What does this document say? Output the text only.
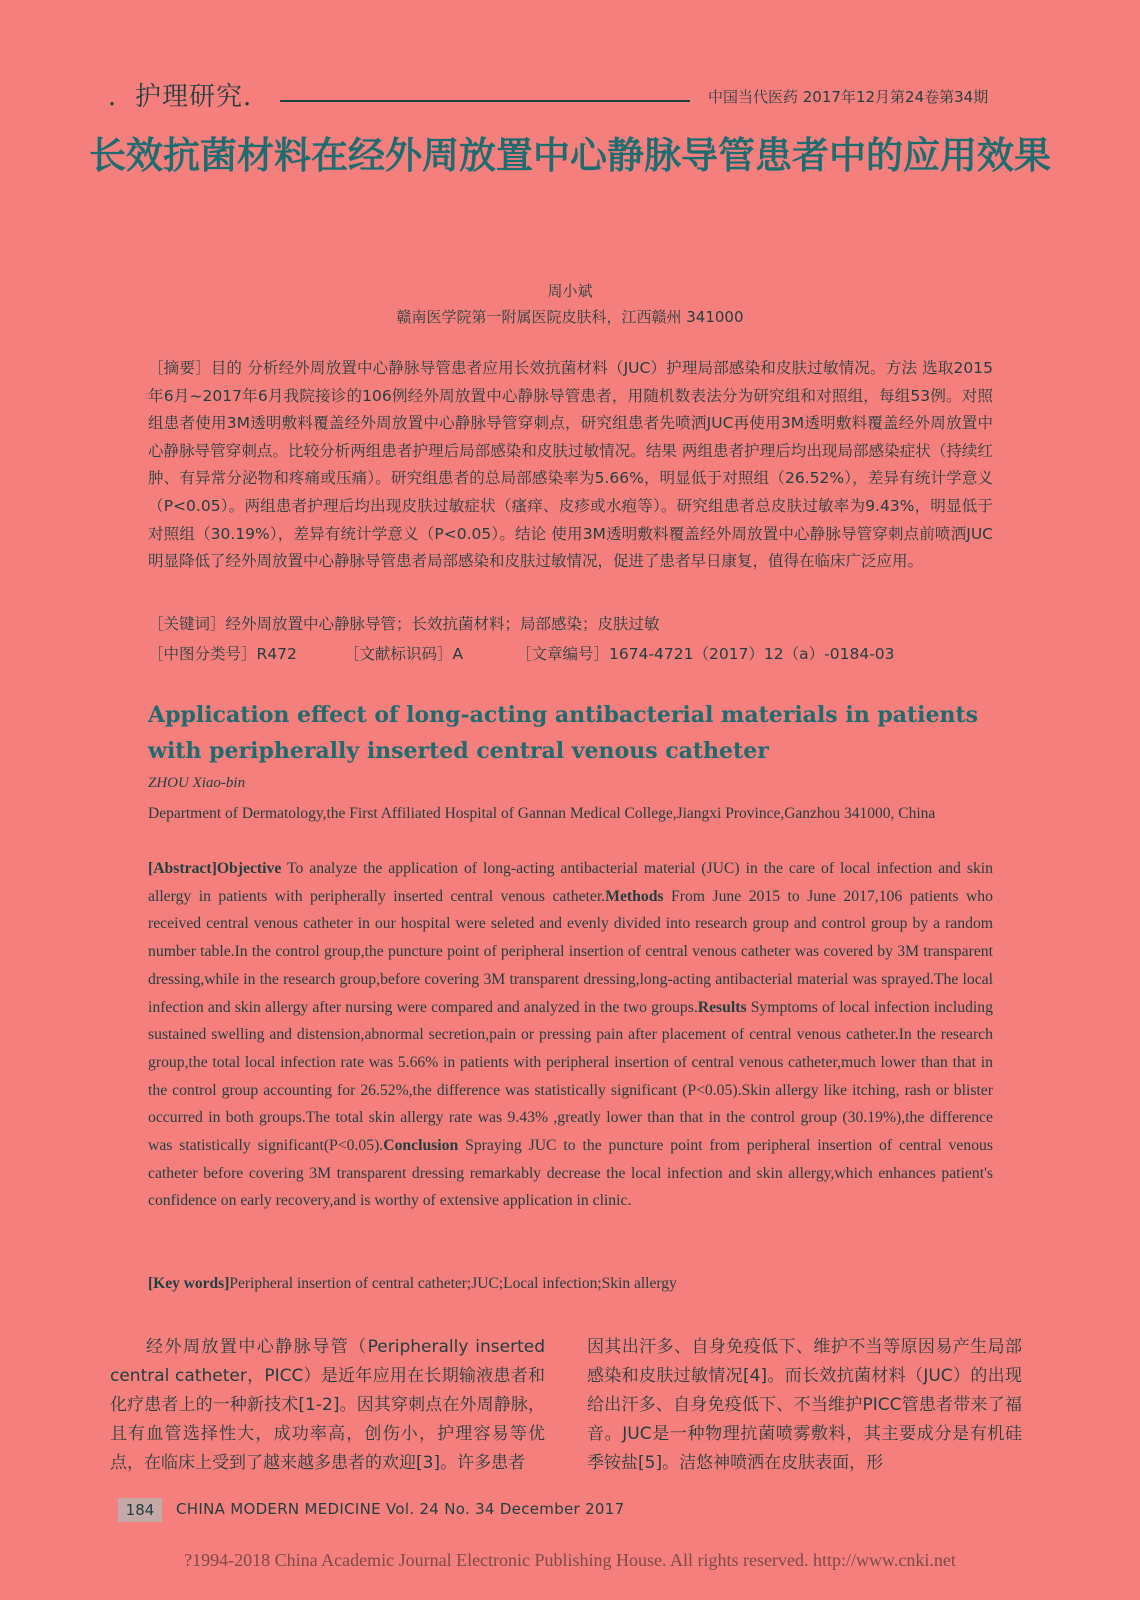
．护理研究．	中国当代医药 2017年12月第24卷第34期
长效抗菌材料在经外周放置中心静脉导管患者中的应用效果
周小斌
赣南医学院第一附属医院皮肤科，江西赣州 341000
［摘要］目的 分析经外周放置中心静脉导管患者应用长效抗菌材料（JUC）护理局部感染和皮肤过敏情况。方法 选取2015年6月~2017年6月我院接诊的106例经外周放置中心静脉导管患者，用随机数表法分为研究组和对照组，每组53例。对照组患者使用3M透明敷料覆盖经外周放置中心静脉导管穿刺点，研究组患者先喷洒JUC再使用3M透明敷料覆盖经外周放置中心静脉导管穿刺点。比较分析两组患者护理后局部感染和皮肤过敏情况。结果 两组患者护理后均出现局部感染症状（持续红肿、有异常分泌物和疼痛或压痛）。研究组患者的总局部感染率为5.66%，明显低于对照组（26.52%），差异有统计学意义（P<0.05）。两组患者护理后均出现皮肤过敏症状（瘙痒、皮疹或水疱等）。研究组患者总皮肤过敏率为9.43%，明显低于对照组（30.19%），差异有统计学意义（P<0.05）。结论 使用3M透明敷料覆盖经外周放置中心静脉导管穿刺点前喷洒JUC明显降低了经外周放置中心静脉导管患者局部感染和皮肤过敏情况，促进了患者早日康复，值得在临床广泛应用。
［关键词］经外周放置中心静脉导管；长效抗菌材料；局部感染；皮肤过敏
［中图分类号］R472	［文献标识码］A	［文章编号］1674-4721（2017）12（a）-0184-03
Application effect of long-acting antibacterial materials in patients with peripherally inserted central venous catheter
ZHOU Xiao-bin
Department of Dermatology,the First Affiliated Hospital of Gannan Medical College,Jiangxi Province,Ganzhou 341000, China
[Abstract]Objective To analyze the application of long-acting antibacterial material (JUC) in the care of local infection and skin allergy in patients with peripherally inserted central venous catheter.Methods From June 2015 to June 2017,106 patients who received central venous catheter in our hospital were seleted and evenly divided into research group and control group by a random number table.In the control group,the puncture point of peripheral insertion of central venous catheter was covered by 3M transparent dressing,while in the research group,before covering 3M transparent dressing,long-acting antibacterial material was sprayed.The local infection and skin allergy after nursing were compared and analyzed in the two groups.Results Symptoms of local infection including sustained swelling and distension,abnormal secretion,pain or pressing pain after placement of central venous catheter.In the research group,the total local infection rate was 5.66% in patients with peripheral insertion of central venous catheter,much lower than that in the control group accounting for 26.52%,the difference was statistically significant (P<0.05).Skin allergy like itching, rash or blister occurred in both groups.The total skin allergy rate was 9.43% ,greatly lower than that in the control group (30.19%),the difference was statistically significant(P<0.05).Conclusion Spraying JUC to the puncture point from peripheral insertion of central venous catheter before covering 3M transparent dressing remarkably decrease the local infection and skin allergy,which enhances patient's confidence on early recovery,and is worthy of extensive application in clinic.
[Key words]Peripheral insertion of central catheter;JUC;Local infection;Skin allergy
经外周放置中心静脉导管（Peripherally inserted central catheter，PICC）是近年应用在长期输液患者和化疗患者上的一种新技术[1-2]。因其穿刺点在外周静脉，且有血管选择性大，成功率高，创伤小，护理容易等优点，在临床上受到了越来越多患者的欢迎[3]。许多患者
因其出汗多、自身免疫低下、维护不当等原因易产生局部感染和皮肤过敏情况[4]。而长效抗菌材料（JUC）的出现给出汗多、自身免疫低下、不当维护PICC管患者带来了福音。JUC是一种物理抗菌喷雾敷料，其主要成分是有机硅季铵盐[5]。洁悠神喷洒在皮肤表面，形
184	CHINA MODERN MEDICINE Vol. 24 No. 34 December 2017
?1994-2018 China Academic Journal Electronic Publishing House. All rights reserved. http://www.cnki.net
